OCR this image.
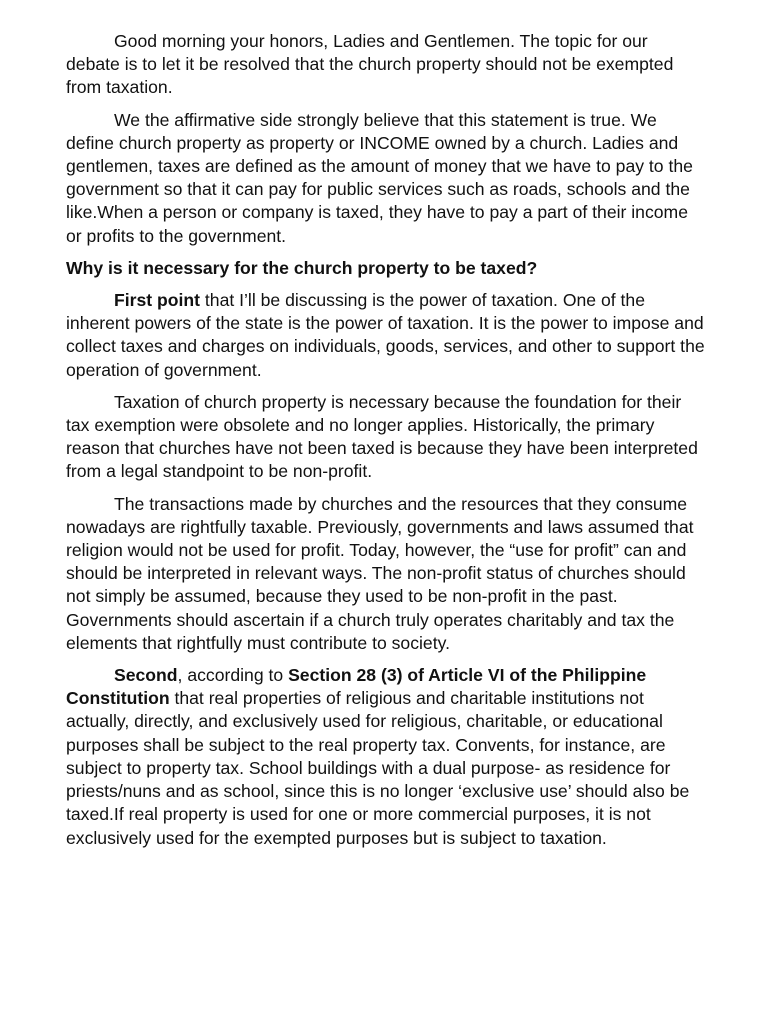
Good morning your honors, Ladies and Gentlemen. The topic for our debate is to let it be resolved that the church property should not be exempted from taxation.

We the affirmative side strongly believe that this statement is true. We define church property as property or INCOME owned by a church. Ladies and gentlemen, taxes are defined as the amount of money that we have to pay to the government so that it can pay for public services such as roads, schools and the like.When a person or company is taxed, they have to pay a part of their income or profits to the government.

Why is it necessary for the church property to be taxed?

First point that I’ll be discussing is the power of taxation. One of the inherent powers of the state is the power of taxation. It is the power to impose and collect taxes and charges on individuals, goods, services, and other to support the operation of government.

Taxation of church property is necessary because the foundation for their tax exemption were obsolete and no longer applies. Historically, the primary reason that churches have not been taxed is because they have been interpreted from a legal standpoint to be non-profit.

The transactions made by churches and the resources that they consume nowadays are rightfully taxable. Previously, governments and laws assumed that religion would not be used for profit. Today, however, the “use for profit” can and should be interpreted in relevant ways. The non-profit status of churches should not simply be assumed, because they used to be non-profit in the past. Governments should ascertain if a church truly operates charitably and tax the elements that rightfully must contribute to society.

Second, according to Section 28 (3) of Article VI of the Philippine Constitution that real properties of religious and charitable institutions not actually, directly, and exclusively used for religious, charitable, or educational purposes shall be subject to the real property tax. Convents, for instance, are subject to property tax. School buildings with a dual purpose- as residence for priests/nuns and as school, since this is no longer ‘exclusive use’ should also be taxed.If real property is used for one or more commercial purposes, it is not exclusively used for the exempted purposes but is subject to taxation.
